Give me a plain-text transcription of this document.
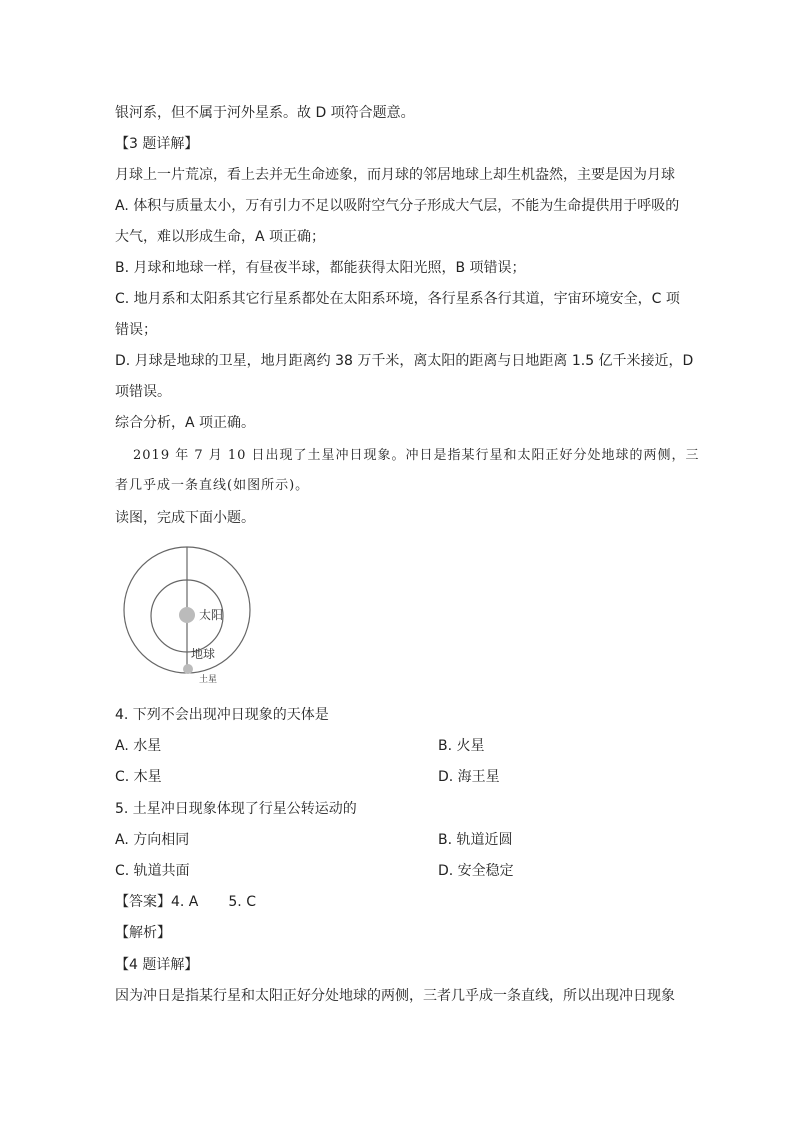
银河系，但不属于河外星系。故 D 项符合题意。
【3 题详解】
月球上一片荒凉，看上去并无生命迹象，而月球的邻居地球上却生机盎然，主要是因为月球
A. 体积与质量太小，万有引力不足以吸附空气分子形成大气层，不能为生命提供用于呼吸的
大气，难以形成生命，A 项正确；
B. 月球和地球一样，有昼夜半球，都能获得太阳光照，B 项错误；
C. 地月系和太阳系其它行星系都处在太阳系环境，各行星系各行其道，宇宙环境安全，C 项
错误；
D. 月球是地球的卫星，地月距离约 38 万千米，离太阳的距离与日地距离 1.5 亿千米接近，D
项错误。
综合分析，A 项正确。
2019 年 7 月 10 日出现了土星冲日现象。冲日是指某行星和太阳正好分处地球的两侧，三
者几乎成一条直线(如图所示)。
读图，完成下面小题。
太阳
地球
土星
4. 下列不会出现冲日现象的天体是
A. 水星	B. 火星
C. 木星	D. 海王星
5. 土星冲日现象体现了行星公转运动的
A. 方向相同	B. 轨道近圆
C. 轨道共面	D. 安全稳定
【答案】4. A 5. C
【解析】
【4 题详解】
因为冲日是指某行星和太阳正好分处地球的两侧，三者几乎成一条直线，所以出现冲日现象
